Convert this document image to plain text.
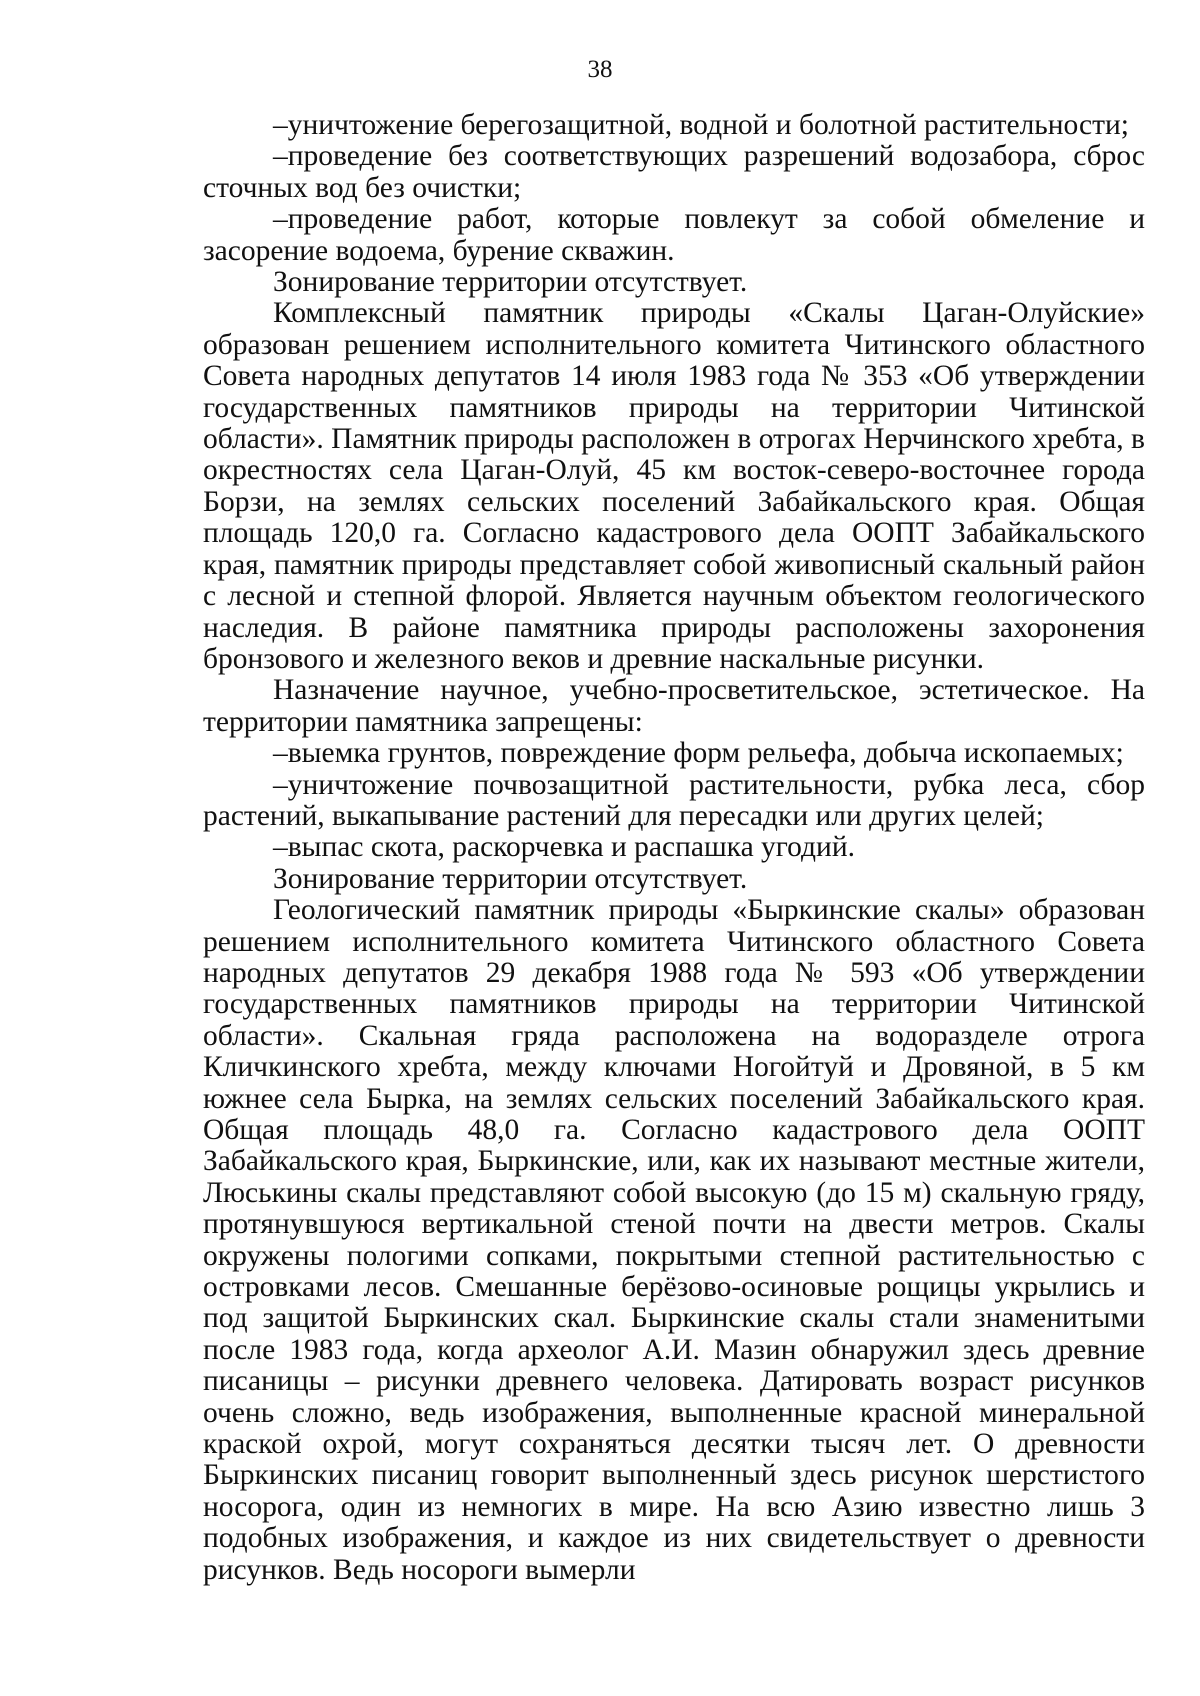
38

–уничтожение берегозащитной, водной и болотной растительности;

–проведение без соответствующих разрешений водозабора, сброс сточных вод без очистки;

–проведение работ, которые повлекут за собой обмеление и засорение водоема, бурение скважин.

Зонирование территории отсутствует.

Комплексный памятник природы «Скалы Цаган-Олуйские» образован решением исполнительного комитета Читинского областного Совета народных депутатов 14 июля 1983 года № 353 «Об утверждении государственных памятников природы на территории Читинской области». Памятник природы расположен в отрогах Нерчинского хребта, в окрестностях села Цаган-Олуй, 45 км восток-северо-восточнее города Борзи, на землях сельских поселений Забайкальского края. Общая площадь 120,0 га. Согласно кадастрового дела ООПТ Забайкальского края, памятник природы представляет собой живописный скальный район с лесной и степной флорой. Является научным объектом геологического наследия. В районе памятника природы расположены захоронения бронзового и железного веков и древние наскальные рисунки.

Назначение научное, учебно-просветительское, эстетическое. На территории памятника запрещены:

–выемка грунтов, повреждение форм рельефа, добыча ископаемых;

–уничтожение почвозащитной растительности, рубка леса, сбор растений, выкапывание растений для пересадки или других целей;

–выпас скота, раскорчевка и распашка угодий.

Зонирование территории отсутствует.

Геологический памятник природы «Быркинские скалы» образован решением исполнительного комитета Читинского областного Совета народных депутатов 29 декабря 1988 года № 593 «Об утверждении государственных памятников природы на территории Читинской области». Скальная гряда расположена на водоразделе отрога Кличкинского хребта, между ключами Ногойтуй и Дровяной, в 5 км южнее села Бырка, на землях сельских поселений Забайкальского края. Общая площадь 48,0 га. Согласно кадастрового дела ООПТ Забайкальского края, Быркинские, или, как их называют местные жители, Люськины скалы представляют собой высокую (до 15 м) скальную гряду, протянувшуюся вертикальной стеной почти на двести метров. Скалы окружены пологими сопками, покрытыми степной растительностью с островками лесов. Смешанные берёзово-осиновые рощицы укрылись и под защитой Быркинских скал. Быркинские скалы стали знаменитыми после 1983 года, когда археолог А.И. Мазин обнаружил здесь древние писаницы – рисунки древнего человека. Датировать возраст рисунков очень сложно, ведь изображения, выполненные красной минеральной краской охрой, могут сохраняться десятки тысяч лет. О древности Быркинских писаниц говорит выполненный здесь рисунок шерстистого носорога, один из немногих в мире. На всю Азию известно лишь 3 подобных изображения, и каждое из них свидетельствует о древности рисунков. Ведь носороги вымерли
